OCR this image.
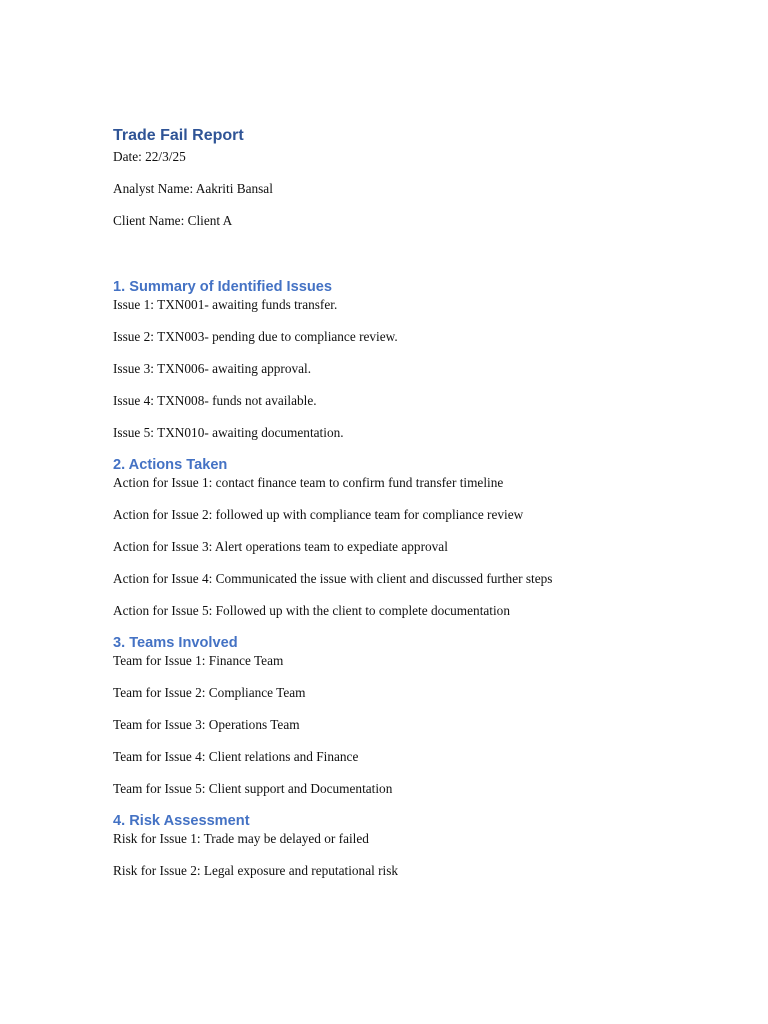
Trade Fail Report

Date: 22/3/25

Analyst Name: Aakriti Bansal

Client Name: Client A

1. Summary of Identified Issues

Issue 1: TXN001- awaiting funds transfer.

Issue 2: TXN003- pending due to compliance review.

Issue 3: TXN006- awaiting approval.

Issue 4: TXN008- funds not available.

Issue 5: TXN010- awaiting documentation.

2. Actions Taken

Action for Issue 1: contact finance team to confirm fund transfer timeline

Action for Issue 2: followed up with compliance team for compliance review

Action for Issue 3: Alert operations team to expediate approval

Action for Issue 4: Communicated the issue with client and discussed further steps

Action for Issue 5: Followed up with the client to complete documentation

3. Teams Involved

Team for Issue 1: Finance Team

Team for Issue 2: Compliance Team

Team for Issue 3: Operations Team

Team for Issue 4: Client relations and Finance

Team for Issue 5: Client support and Documentation

4. Risk Assessment

Risk for Issue 1: Trade may be delayed or failed

Risk for Issue 2: Legal exposure and reputational risk
